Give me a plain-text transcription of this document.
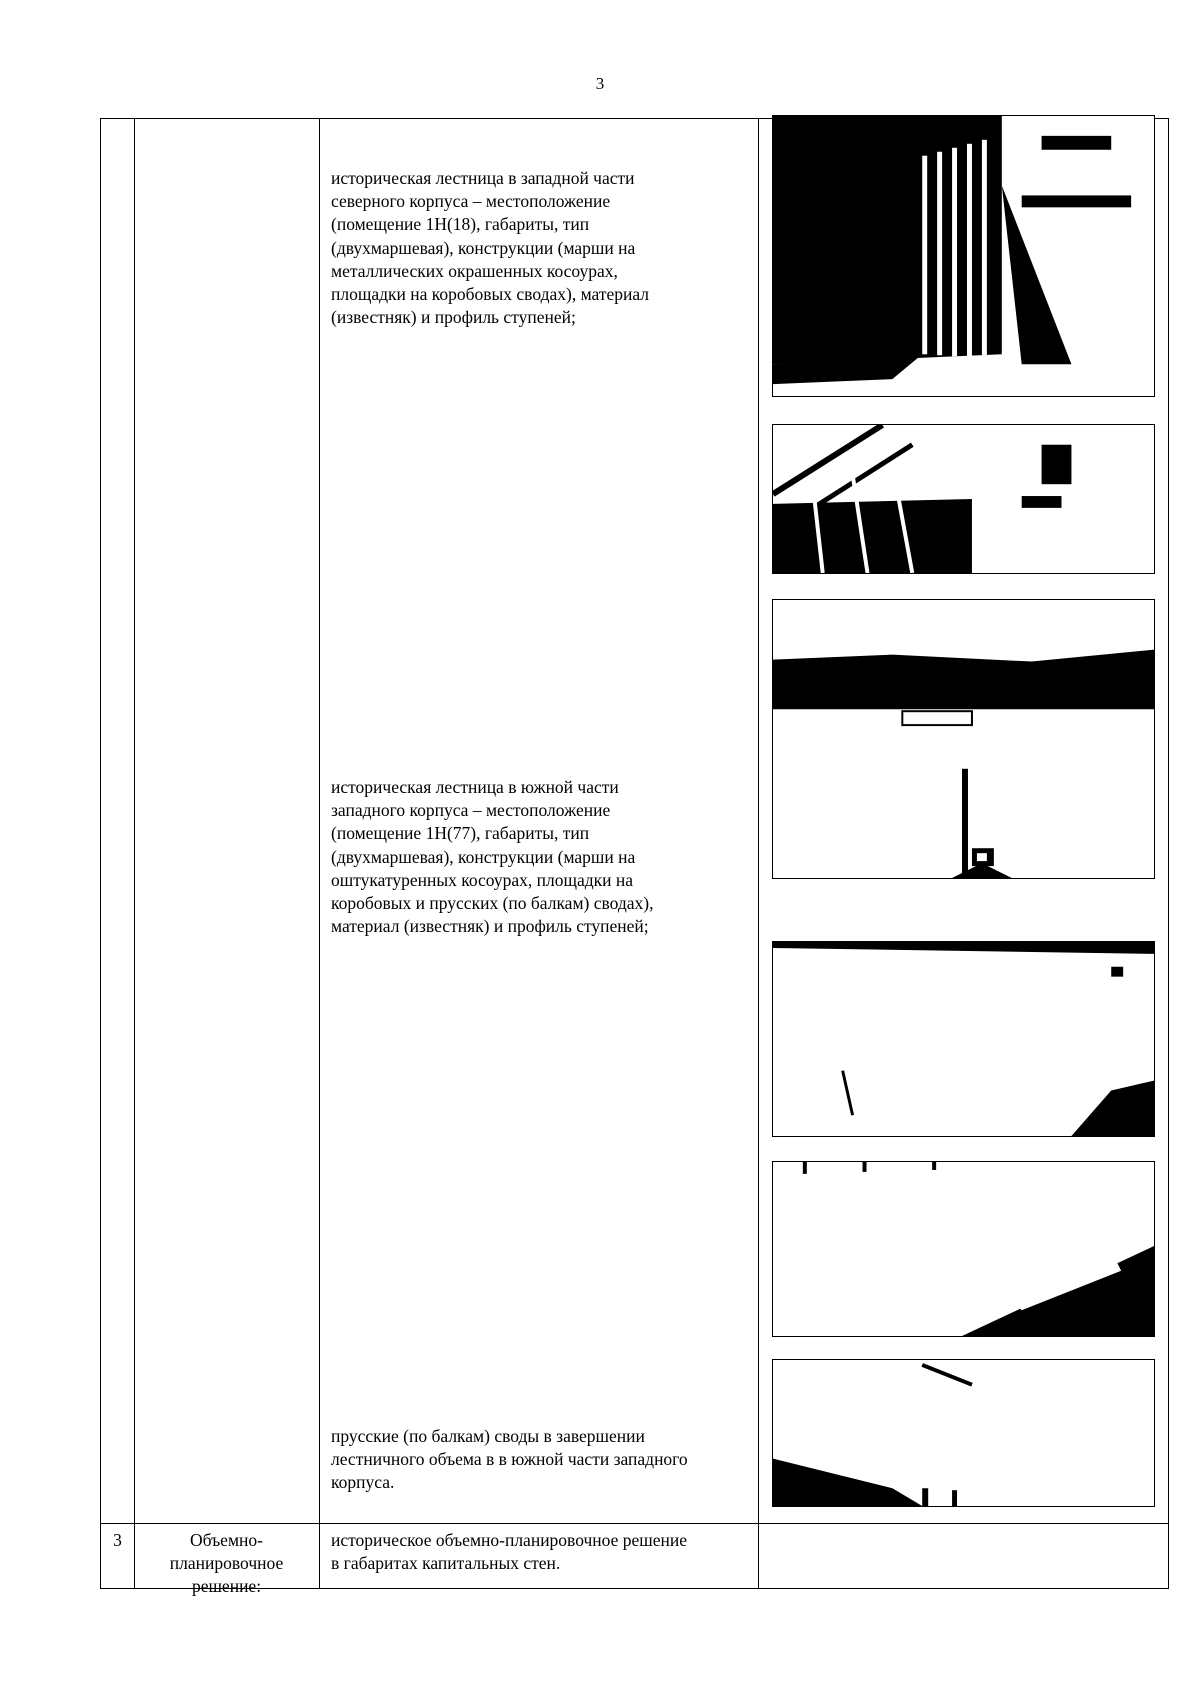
3
историческая лестница в западной части
северного корпуса – местоположение
(помещение 1Н(18), габариты, тип
(двухмаршевая), конструкции (марши на
металлических окрашенных косоурах,
площадки на коробовых сводах), материал
(известняк) и профиль ступеней;
историческая лестница в южной части
западного корпуса – местоположение
(помещение 1Н(77), габариты, тип
(двухмаршевая), конструкции (марши на
оштукатуренных косоурах, площадки на
коробовых и прусских (по балкам) сводах),
материал (известняк) и профиль ступеней;
прусские (по балкам) своды в завершении
лестничного объема в в южной части западного
корпуса.
3	Объемно-
планировочное
решение:
историческое объемно-планировочное решение
в габаритах капитальных стен.
